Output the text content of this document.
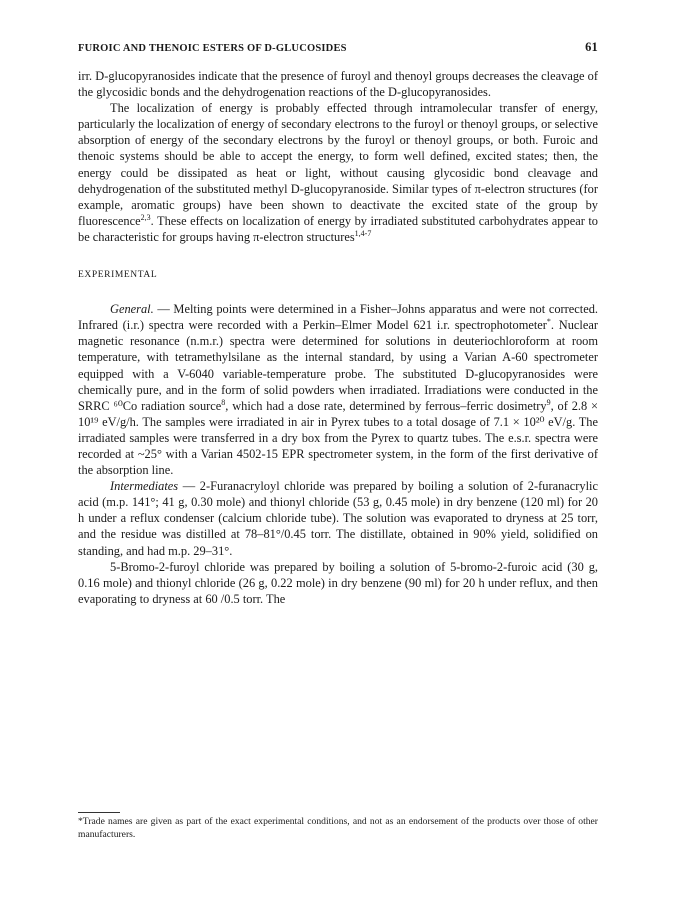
FUROIC AND THENOIC ESTERS OF D-GLUCOSIDES	61

irr. D-glucopyranosides indicate that the presence of furoyl and thenoyl groups decreases the cleavage of the glycosidic bonds and the dehydrogenation reactions of the D-glucopyranosides.

The localization of energy is probably effected through intramolecular transfer of energy, particularly the localization of energy of secondary electrons to the furoyl or thenoyl groups, or selective absorption of energy of the secondary electrons by the furoyl or thenoyl groups, or both. Furoic and thenoic systems should be able to accept the energy, to form well defined, excited states; then, the energy could be dissipated as heat or light, without causing glycosidic bond cleavage and dehydrogenation of the substituted methyl D-glucopyranoside. Similar types of π-electron structures (for example, aromatic groups) have been shown to deactivate the excited state of the group by fluorescence$^{2,3}$. These effects on localization of energy by irradiated substituted carbohydrates appear to be characteristic for groups having π-electron structures$^{1,4-7}$

EXPERIMENTAL

General. — Melting points were determined in a Fisher–Johns apparatus and were not corrected. Infrared (i.r.) spectra were recorded with a Perkin–Elmer Model 621 i.r. spectrophotometer*. Nuclear magnetic resonance (n.m.r.) spectra were determined for solutions in deuteriochloroform at room temperature, with tetramethylsilane as the internal standard, by using a Varian A-60 spectrometer equipped with a V-6040 variable-temperature probe. The substituted D-glucopyranosides were chemically pure, and in the form of solid powders when irradiated. Irradiations were conducted in the SRRC ⁶⁰Co radiation source$^8$, which had a dose rate, determined by ferrous–ferric dosimetry$^9$, of 2.8 × 10¹⁹ eV/g/h. The samples were irradiated in air in Pyrex tubes to a total dosage of 7.1 × 10²⁰ eV/g. The irradiated samples were transferred in a dry box from the Pyrex to quartz tubes. The e.s.r. spectra were recorded at ~25° with a Varian 4502-15 EPR spectrometer system, in the form of the first derivative of the absorption line.

Intermediates — 2-Furanacryloyl chloride was prepared by boiling a solution of 2-furanacrylic acid (m.p. 141°; 41 g, 0.30 mole) and thionyl chloride (53 g, 0.45 mole) in dry benzene (120 ml) for 20 h under a reflux condenser (calcium chloride tube). The solution was evaporated to dryness at 25 torr, and the residue was distilled at 78–81°/0.45 torr. The distillate, obtained in 90% yield, solidified on standing, and had m.p. 29–31°.

5-Bromo-2-furoyl chloride was prepared by boiling a solution of 5-bromo-2-furoic acid (30 g, 0.16 mole) and thionyl chloride (26 g, 0.22 mole) in dry benzene (90 ml) for 20 h under reflux, and then evaporating to dryness at 60 /0.5 torr. The

*Trade names are given as part of the exact experimental conditions, and not as an endorsement of the products over those of other manufacturers.
